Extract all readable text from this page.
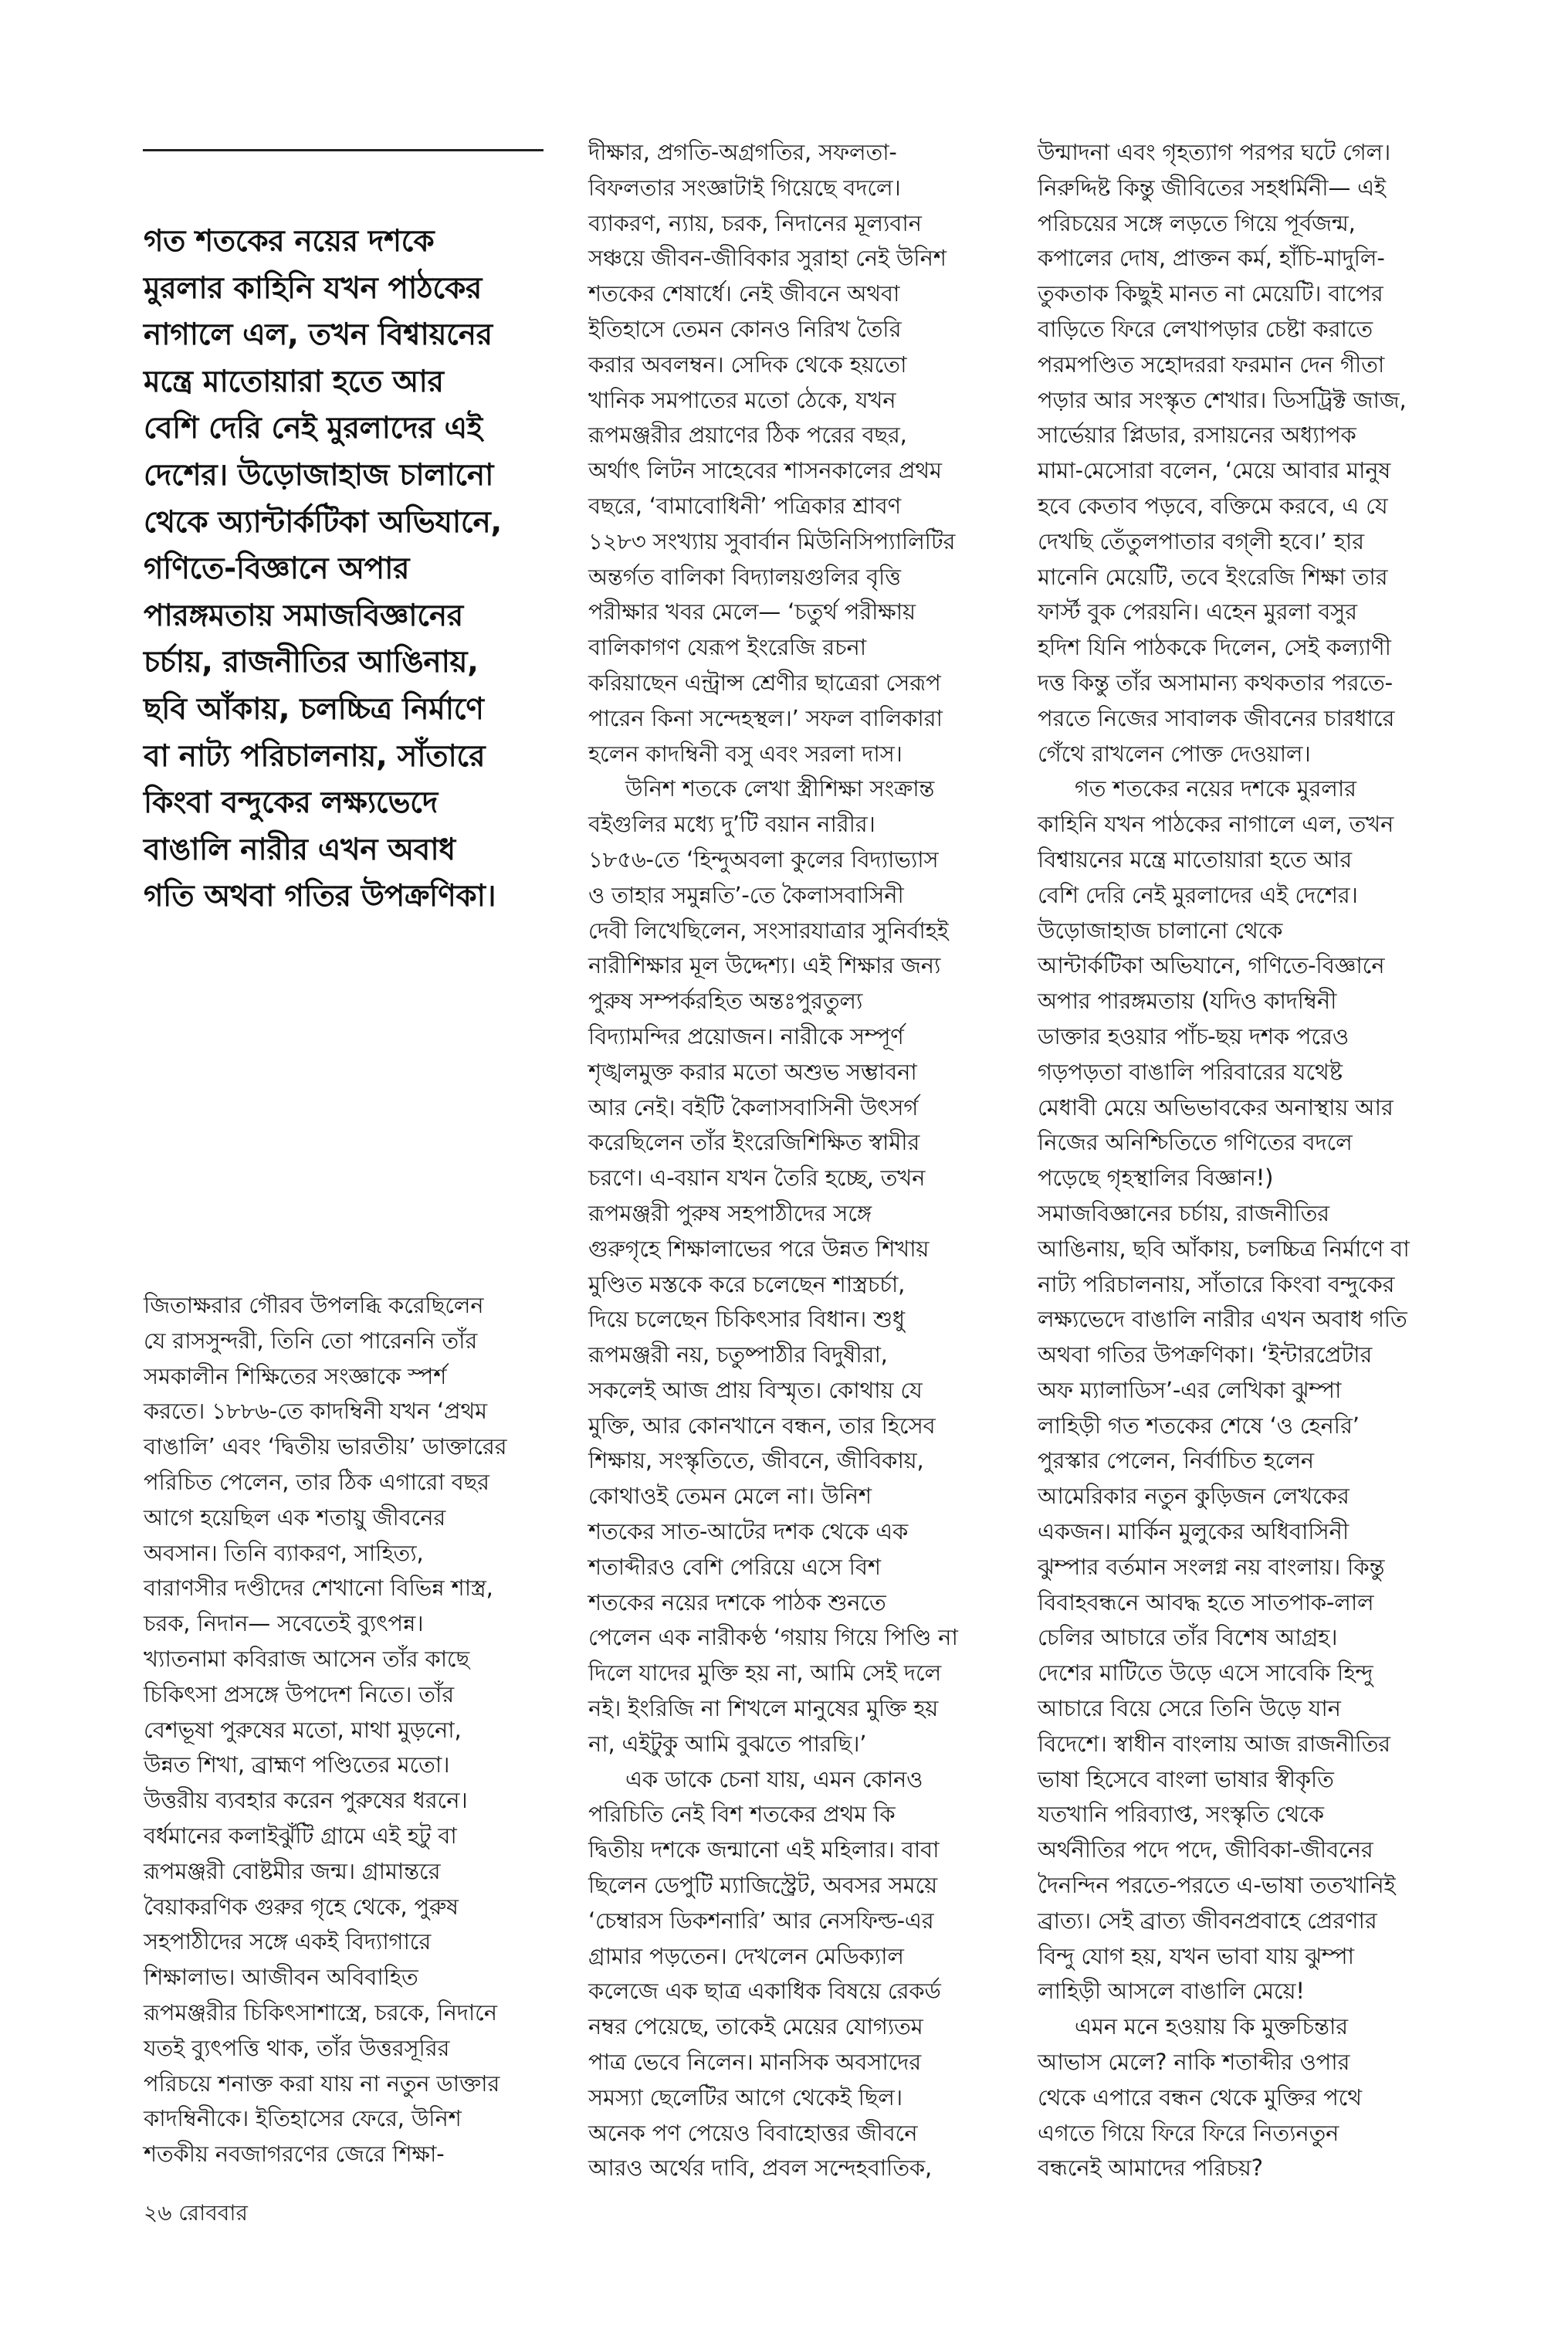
গত শতকের নয়ের দশকে
মুরলার কাহিনি যখন পাঠকের
নাগালে এল, তখন বিশ্বায়নের
মন্ত্রে মাতোয়ারা হতে আর
বেশি দেরি নেই মুরলাদের এই
দেশের। উড়োজাহাজ চালানো
থেকে অ্যান্টার্কটিকা অভিযানে,
গণিতে-বিজ্ঞানে অপার
পারঙ্গমতায় সমাজবিজ্ঞানের
চর্চায়, রাজনীতির আঙিনায়,
ছবি আঁকায়, চলচ্চিত্র নির্মাণে
বা নাট্য পরিচালনায়, সাঁতারে
কিংবা বন্দুকের লক্ষ্যভেদে
বাঙালি নারীর এখন অবাধ
গতি অথবা গতির উপক্রণিকা।
জিতাক্ষরার গৌরব উপলব্ধি করেছিলেন
যে রাসসুন্দরী, তিনি তো পারেননি তাঁর
সমকালীন শিক্ষিতের সংজ্ঞাকে স্পর্শ
করতে। ১৮৮৬-তে কাদম্বিনী যখন ‘প্রথম
বাঙালি’ এবং ‘দ্বিতীয় ভারতীয়’ ডাক্তারের
পরিচিত পেলেন, তার ঠিক এগারো বছর
আগে হয়েছিল এক শতায়ু জীবনের
অবসান। তিনি ব্যাকরণ, সাহিত্য,
বারাণসীর দণ্ডীদের শেখানো বিভিন্ন শাস্ত্র,
চরক, নিদান— সবেতেই ব্যুৎপন্ন।
খ্যাতনামা কবিরাজ আসেন তাঁর কাছে
চিকিৎসা প্রসঙ্গে উপদেশ নিতে। তাঁর
বেশভূষা পুরুষের মতো, মাথা মুড়নো,
উন্নত শিখা, ব্রাহ্মণ পণ্ডিতের মতো।
উত্তরীয় ব্যবহার করেন পুরুষের ধরনে।
বর্ধমানের কলাইঝুঁটি গ্রামে এই হটু বা
রূপমঞ্জরী বোষ্টমীর জন্ম। গ্রামান্তরে
বৈয়াকরণিক গুরুর গৃহে থেকে, পুরুষ
সহপাঠীদের সঙ্গে একই বিদ্যাগারে
শিক্ষালাভ। আজীবন অবিবাহিত
রূপমঞ্জরীর চিকিৎসাশাস্ত্রে, চরকে, নিদানে
যতই ব্যুৎপত্তি থাক, তাঁর উত্তরসূরির
পরিচয়ে শনাক্ত করা যায় না নতুন ডাক্তার
কাদম্বিনীকে। ইতিহাসের ফেরে, উনিশ
শতকীয় নবজাগরণের জেরে শিক্ষা-
দীক্ষার, প্রগতি-অগ্রগতির, সফলতা-
বিফলতার সংজ্ঞাটাই গিয়েছে বদলে।
ব্যাকরণ, ন্যায়, চরক, নিদানের মূল্যবান
সঞ্চয়ে জীবন-জীবিকার সুরাহা নেই উনিশ
শতকের শেষার্ধে। নেই জীবনে অথবা
ইতিহাসে তেমন কোনও নিরিখ তৈরি
করার অবলম্বন। সেদিক থেকে হয়তো
খানিক সমপাতের মতো ঠেকে, যখন
রূপমঞ্জরীর প্রয়াণের ঠিক পরের বছর,
অর্থাৎ লিটন সাহেবের শাসনকালের প্রথম
বছরে, ‘বামাবোধিনী’ পত্রিকার শ্রাবণ
১২৮৩ সংখ্যায় সুবার্বান মিউনিসিপ্যালিটির
অন্তর্গত বালিকা বিদ্যালয়গুলির বৃত্তি
পরীক্ষার খবর মেলে— ‘চতুর্থ পরীক্ষায়
বালিকাগণ যেরূপ ইংরেজি রচনা
করিয়াছেন এন্ট্রান্স শ্রেণীর ছাত্রেরা সেরূপ
পারেন কিনা সন্দেহস্থল।’ সফল বালিকারা
হলেন কাদম্বিনী বসু এবং সরলা দাস।
উনিশ শতকে লেখা স্ত্রীশিক্ষা সংক্রান্ত
বইগুলির মধ্যে দু’টি বয়ান নারীর।
১৮৫৬-তে ‘হিন্দুঅবলা কুলের বিদ্যাভ্যাস
ও তাহার সমুন্নতি’-তে কৈলাসবাসিনী
দেবী লিখেছিলেন, সংসারযাত্রার সুনির্বাহই
নারীশিক্ষার মূল উদ্দেশ্য। এই শিক্ষার জন্য
পুরুষ সম্পর্করহিত অন্তঃপুরতুল্য
বিদ্যামন্দির প্রয়োজন। নারীকে সম্পূর্ণ
শৃঙ্খলমুক্ত করার মতো অশুভ সম্ভাবনা
আর নেই। বইটি কৈলাসবাসিনী উৎসর্গ
করেছিলেন তাঁর ইংরেজিশিক্ষিত স্বামীর
চরণে। এ-বয়ান যখন তৈরি হচ্ছে, তখন
রূপমঞ্জরী পুরুষ সহপাঠীদের সঙ্গে
গুরুগৃহে শিক্ষালাভের পরে উন্নত শিখায়
মুণ্ডিত মস্তকে করে চলেছেন শাস্ত্রচর্চা,
দিয়ে চলেছেন চিকিৎসার বিধান। শুধু
রূপমঞ্জরী নয়, চতুষ্পাঠীর বিদুষীরা,
সকলেই আজ প্রায় বিস্মৃত। কোথায় যে
মুক্তি, আর কোনখানে বন্ধন, তার হিসেব
শিক্ষায়, সংস্কৃতিতে, জীবনে, জীবিকায়,
কোথাওই তেমন মেলে না। উনিশ
শতকের সাত-আটের দশক থেকে এক
শতাব্দীরও বেশি পেরিয়ে এসে বিশ
শতকের নয়ের দশকে পাঠক শুনতে
পেলেন এক নারীকণ্ঠ ‘গয়ায় গিয়ে পিণ্ডি না
দিলে যাদের মুক্তি হয় না, আমি সেই দলে
নই। ইংরিজি না শিখলে মানুষের মুক্তি হয়
না, এইটুকু আমি বুঝতে পারছি।’
এক ডাকে চেনা যায়, এমন কোনও
পরিচিতি নেই বিশ শতকের প্রথম কি
দ্বিতীয় দশকে জন্মানো এই মহিলার। বাবা
ছিলেন ডেপুটি ম্যাজিস্ট্রেট, অবসর সময়ে
‘চেম্বারস ডিকশনারি’ আর নেসফিল্ড-এর
গ্রামার পড়তেন। দেখলেন মেডিক্যাল
কলেজে এক ছাত্র একাধিক বিষয়ে রেকর্ড
নম্বর পেয়েছে, তাকেই মেয়ের যোগ্যতম
পাত্র ভেবে নিলেন। মানসিক অবসাদের
সমস্যা ছেলেটির আগে থেকেই ছিল।
অনেক পণ পেয়েও বিবাহোত্তর জীবনে
আরও অর্থের দাবি, প্রবল সন্দেহবাতিক,
উন্মাদনা এবং গৃহত্যাগ পরপর ঘটে গেল।
নিরুদ্দিষ্ট কিন্তু জীবিতের সহধর্মিনী— এই
পরিচয়ের সঙ্গে লড়তে গিয়ে পূর্বজন্ম,
কপালের দোষ, প্রাক্তন কর্ম, হাঁচি-মাদুলি-
তুকতাক কিছুই মানত না মেয়েটি। বাপের
বাড়িতে ফিরে লেখাপড়ার চেষ্টা করাতে
পরমপণ্ডিত সহোদররা ফরমান দেন গীতা
পড়ার আর সংস্কৃত শেখার। ডিসট্রিক্ট জাজ,
সার্ভেয়ার প্লিডার, রসায়নের অধ্যাপক
মামা-মেসোরা বলেন, ‘মেয়ে আবার মানুষ
হবে কেতাব পড়বে, বক্তিমে করবে, এ যে
দেখছি তেঁতুলপাতার বগ্‌লী হবে।’ হার
মানেনি মেয়েটি, তবে ইংরেজি শিক্ষা তার
ফার্স্ট বুক পেরয়নি। এহেন মুরলা বসুর
হদিশ যিনি পাঠককে দিলেন, সেই কল্যাণী
দত্ত কিন্তু তাঁর অসামান্য কথকতার পরতে-
পরতে নিজের সাবালক জীবনের চারধারে
গেঁথে রাখলেন পোক্ত দেওয়াল।
গত শতকের নয়ের দশকে মুরলার
কাহিনি যখন পাঠকের নাগালে এল, তখন
বিশ্বায়নের মন্ত্রে মাতোয়ারা হতে আর
বেশি দেরি নেই মুরলাদের এই দেশের।
উড়োজাহাজ চালানো থেকে
আন্টার্কটিকা অভিযানে, গণিতে-বিজ্ঞানে
অপার পারঙ্গমতায় (যদিও কাদম্বিনী
ডাক্তার হওয়ার পাঁচ-ছয় দশক পরেও
গড়পড়তা বাঙালি পরিবারের যথেষ্ট
মেধাবী মেয়ে অভিভাবকের অনাস্থায় আর
নিজের অনিশ্চিতিতে গণিতের বদলে
পড়েছে গৃহস্থালির বিজ্ঞান!)
সমাজবিজ্ঞানের চর্চায়, রাজনীতির
আঙিনায়, ছবি আঁকায়, চলচ্চিত্র নির্মাণে বা
নাট্য পরিচালনায়, সাঁতারে কিংবা বন্দুকের
লক্ষ্যভেদে বাঙালি নারীর এখন অবাধ গতি
অথবা গতির উপক্রণিকা। ‘ইন্টারপ্রেটার
অফ ম্যালাডিস’-এর লেখিকা ঝুম্পা
লাহিড়ী গত শতকের শেষে ‘ও হেনরি’
পুরস্কার পেলেন, নির্বাচিত হলেন
আমেরিকার নতুন কুড়িজন লেখকের
একজন। মার্কিন মুলুকের অধিবাসিনী
ঝুম্পার বর্তমান সংলগ্ন নয় বাংলায়। কিন্তু
বিবাহবন্ধনে আবদ্ধ হতে সাতপাক-লাল
চেলির আচারে তাঁর বিশেষ আগ্রহ।
দেশের মাটিতে উড়ে এসে সাবেকি হিন্দু
আচারে বিয়ে সেরে তিনি উড়ে যান
বিদেশে। স্বাধীন বাংলায় আজ রাজনীতির
ভাষা হিসেবে বাংলা ভাষার স্বীকৃতি
যতখানি পরিব্যাপ্ত, সংস্কৃতি থেকে
অর্থনীতির পদে পদে, জীবিকা-জীবনের
দৈনন্দিন পরতে-পরতে এ-ভাষা ততখানিই
ব্রাত্য। সেই ব্রাত্য জীবনপ্রবাহে প্রেরণার
বিন্দু যোগ হয়, যখন ভাবা যায় ঝুম্পা
লাহিড়ী আসলে বাঙালি মেয়ে!
এমন মনে হওয়ায় কি মুক্তচিন্তার
আভাস মেলে? নাকি শতাব্দীর ওপার
থেকে এপারে বন্ধন থেকে মুক্তির পথে
এগতে গিয়ে ফিরে ফিরে নিত্যনতুন
বন্ধনেই আমাদের পরিচয়?
২৬ রোববার
